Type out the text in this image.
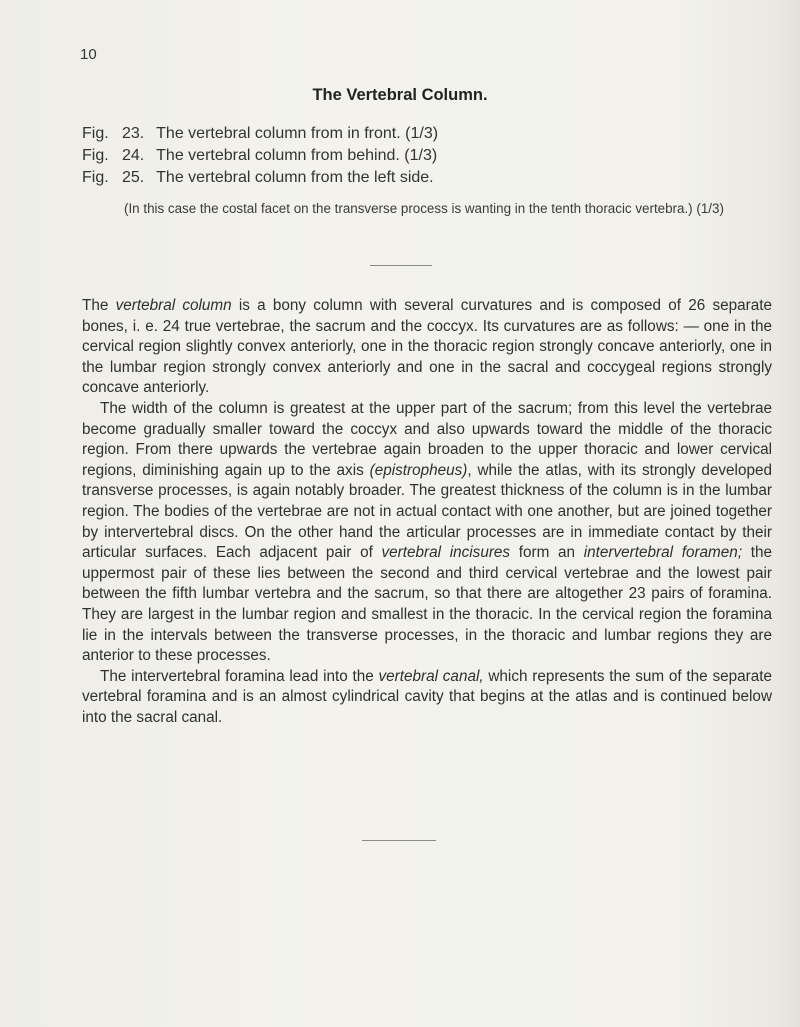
10
The Vertebral Column.
Fig. 23. The vertebral column from in front. (1/3)
Fig. 24. The vertebral column from behind. (1/3)
Fig. 25. The vertebral column from the left side.
(In this case the costal facet on the transverse process is wanting in the tenth thoracic vertebra.) (1/3)

The vertebral column is a bony column with several curvatures and is composed of 26 separate bones, i. e. 24 true vertebrae, the sacrum and the coccyx. Its curvatures are as follows: — one in the cervical region slightly convex anteriorly, one in the thoracic region strongly concave anteriorly, one in the lumbar region strongly convex anteriorly and one in the sacral and coccygeal regions strongly concave anteriorly.

The width of the column is greatest at the upper part of the sacrum; from this level the vertebrae become gradually smaller toward the coccyx and also upwards toward the middle of the thoracic region. From there upwards the vertebrae again broaden to the upper thoracic and lower cervical regions, diminishing again up to the axis (epistropheus), while the atlas, with its strongly developed transverse processes, is again notably broader. The greatest thickness of the column is in the lumbar region. The bodies of the vertebrae are not in actual contact with one another, but are joined together by intervertebral discs. On the other hand the articular processes are in immediate contact by their articular surfaces. Each adjacent pair of vertebral incisures form an intervertebral foramen; the uppermost pair of these lies between the second and third cervical vertebrae and the lowest pair between the fifth lumbar vertebra and the sacrum, so that there are altogether 23 pairs of foramina. They are largest in the lumbar region and smallest in the thoracic. In the cervical region the foramina lie in the intervals between the transverse processes, in the thoracic and lumbar regions they are anterior to these processes.

The intervertebral foramina lead into the vertebral canal, which represents the sum of the separate vertebral foramina and is an almost cylindrical cavity that begins at the atlas and is continued below into the sacral canal.
